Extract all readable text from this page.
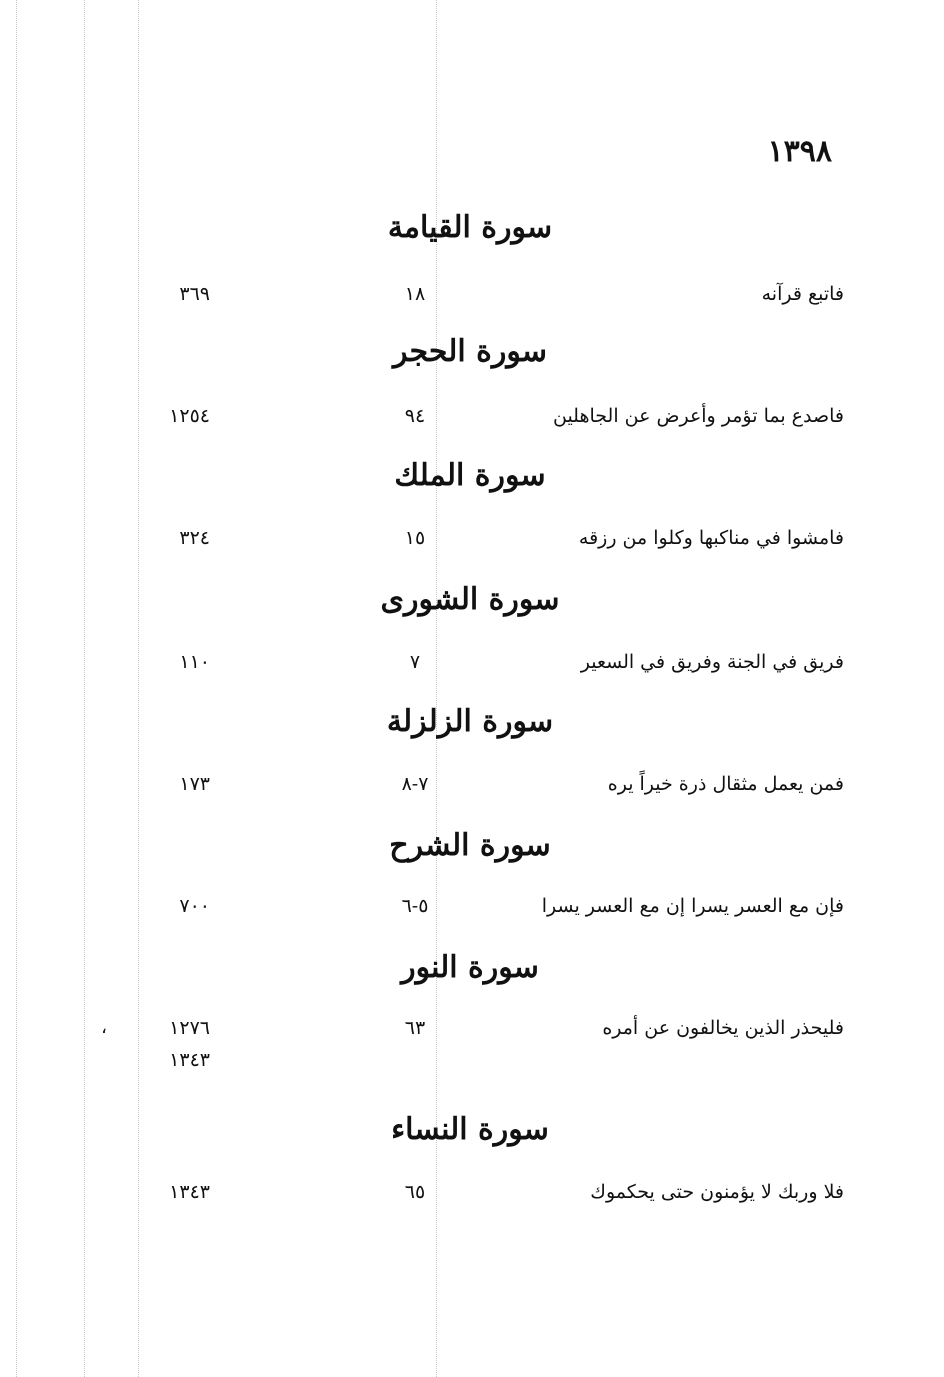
١٣٩٨
سورة القيامة
فاتبع قرآنه
١٨
٣٦٩
سورة الحجر
فاصدع بما تؤمر وأعرض عن الجاهلين
٩٤
١٢٥٤
سورة الملك
فامشوا في مناكبها وكلوا من رزقه
١٥
٣٢٤
سورة الشورى
فريق في الجنة وفريق في السعير
٧
١١٠
سورة الزلزلة
فمن يعمل مثقال ذرة خيراً يره
٧-٨
١٧٣
سورة الشرح
فإن مع العسر يسرا إن مع العسر يسرا
٥-٦
٧٠٠
سورة النور
فليحذر الذين يخالفون عن أمره
٦٣
١٢٧٦
،
١٣٤٣
سورة النساء
فلا وربك لا يؤمنون حتى يحكموك
٦٥
١٣٤٣
